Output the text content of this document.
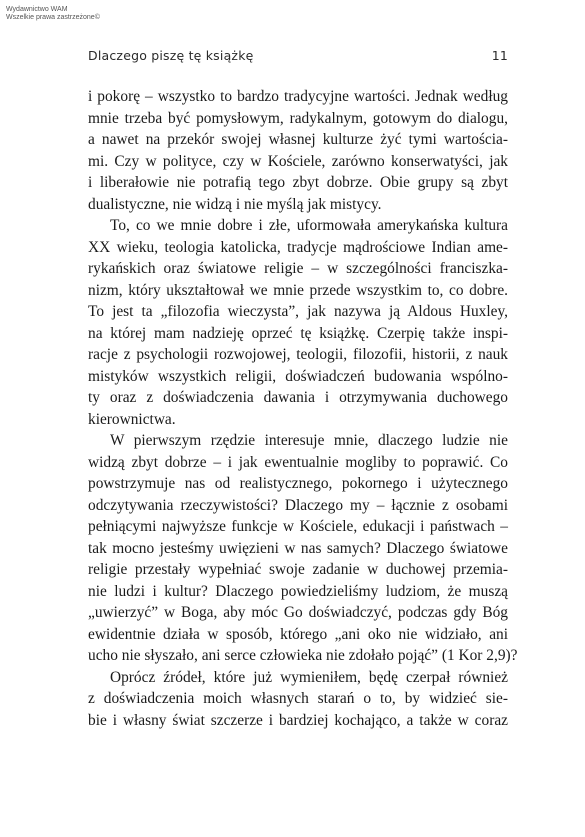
Wydawnictwo WAM
Wszelkie prawa zastrzeżone©
Dlaczego piszę tę książkę	11
i pokorę – wszystko to bardzo tradycyjne wartości. Jednak według
mnie trzeba być pomysłowym, radykalnym, gotowym do dialogu,
a nawet na przekór swojej własnej kulturze żyć tymi wartościa-
mi. Czy w polityce, czy w Kościele, zarówno konserwatyści, jak
i liberałowie nie potrafią tego zbyt dobrze. Obie grupy są zbyt
dualistyczne, nie widzą i nie myślą jak mistycy.
To, co we mnie dobre i złe, uformowała amerykańska kultura
XX wieku, teologia katolicka, tradycje mądrościowe Indian ame-
rykańskich oraz światowe religie – w szczególności franciszka-
nizm, który ukształtował we mnie przede wszystkim to, co dobre.
To jest ta „filozofia wieczysta”, jak nazywa ją Aldous Huxley,
na której mam nadzieję oprzeć tę książkę. Czerpię także inspi-
racje z psychologii rozwojowej, teologii, filozofii, historii, z nauk
mistyków wszystkich religii, doświadczeń budowania wspólno-
ty oraz z doświadczenia dawania i otrzymywania duchowego
kierownictwa.
W pierwszym rzędzie interesuje mnie, dlaczego ludzie nie
widzą zbyt dobrze – i jak ewentualnie mogliby to poprawić. Co
powstrzymuje nas od realistycznego, pokornego i użytecznego
odczytywania rzeczywistości? Dlaczego my – łącznie z osobami
pełniącymi najwyższe funkcje w Kościele, edukacji i państwach –
tak mocno jesteśmy uwięzieni w nas samych? Dlaczego światowe
religie przestały wypełniać swoje zadanie w duchowej przemia-
nie ludzi i kultur? Dlaczego powiedzieliśmy ludziom, że muszą
„uwierzyć” w Boga, aby móc Go doświadczyć, podczas gdy Bóg
ewidentnie działa w sposób, którego „ani oko nie widziało, ani
ucho nie słyszało, ani serce człowieka nie zdołało pojąć” (1 Kor 2,9)?
Oprócz źródeł, które już wymieniłem, będę czerpał również
z doświadczenia moich własnych starań o to, by widzieć sie-
bie i własny świat szczerze i bardziej kochająco, a także w coraz
